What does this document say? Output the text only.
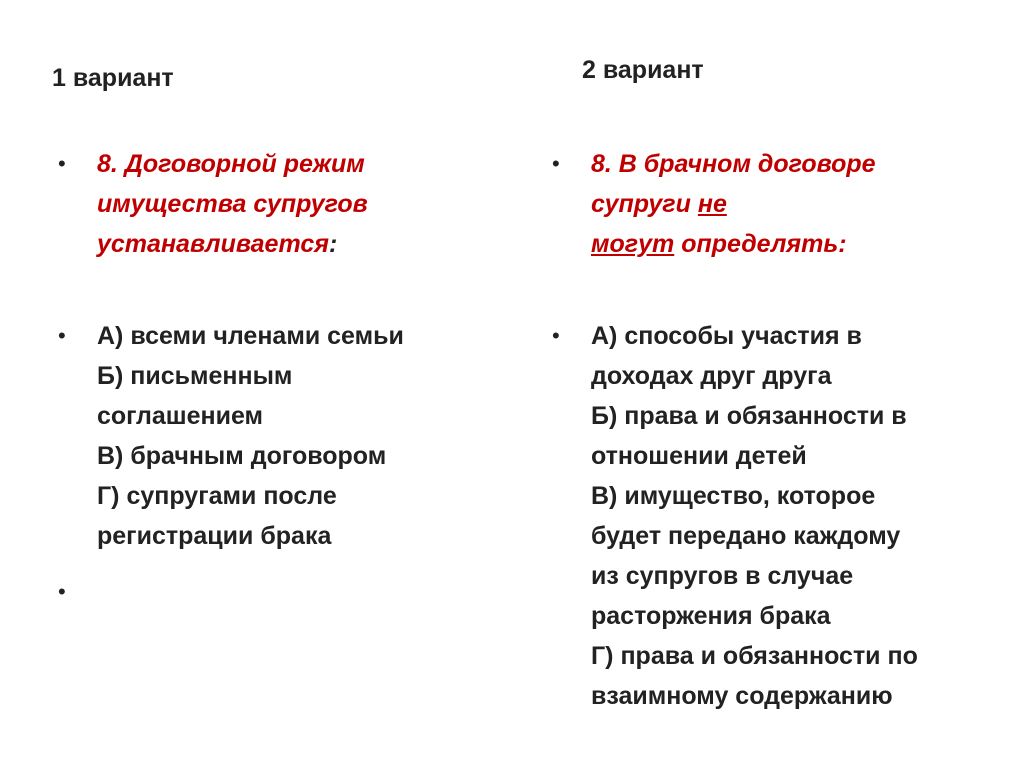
1 вариант
• 8. Договорной режим
имущества супругов
устанавливается:
• А) всеми членами семьи
Б) письменным
соглашением
В) брачным договором
Г) супругами после
регистрации брака
•
2 вариант
• 8. В брачном договоре
супруги не
могут определять:
• А) способы участия в
доходах друг друга
Б) права и обязанности в
отношении детей
В) имущество, которое
будет передано каждому
из супругов в случае
расторжения брака
Г) права и обязанности по
взаимному содержанию
